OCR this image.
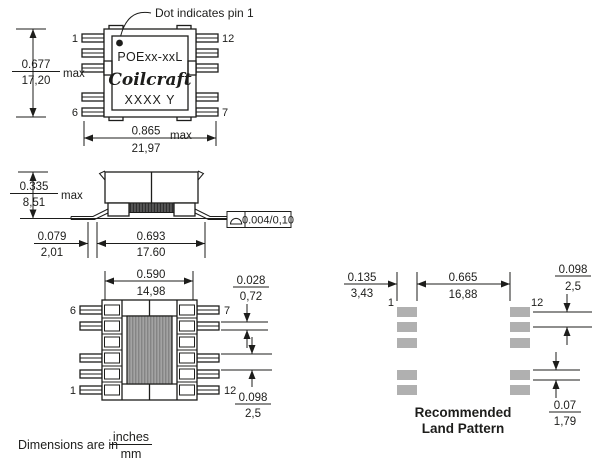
Dot indicates pin 1
POExx-xxL
Coilcraft
XXXX Y
1
6
12
7
0.677
17,20
max
0.865 max
21,97
0.004/0,10
0.335
8,51
max
0.079
2,01
0.693
17.60
0.590
14,98
6
1
7
12
0.028
0,72
0.098
2,5
1	12
0.135
3,43
0.665
16,88
0.098
2,5
0.07
1,79
Recommended
Land Pattern
Dimensions are in
inches
mm
